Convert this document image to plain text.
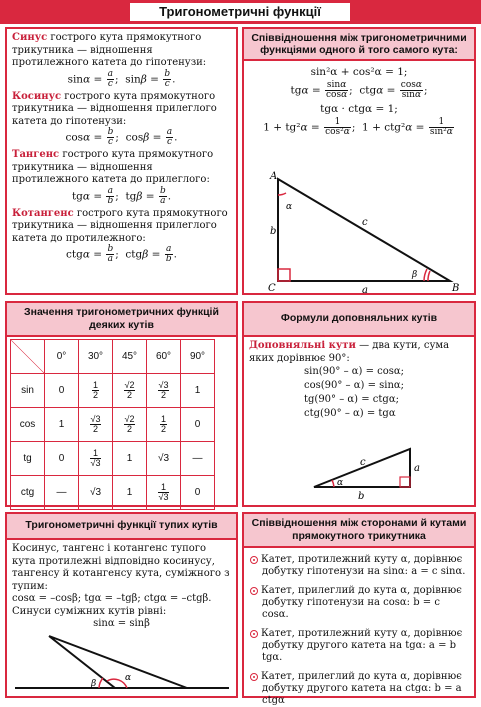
Тригонометричні функції
Синус гострого кута прямокутного трикутника — відношення протилежного катета до гіпотенузи:
$\sin\alpha = \frac{a}{c}$ ;  $\sin\beta = \frac{b}{c}$ .
Косинус гострого кута прямокутного трикутника — відношення прилеглого катета до гіпотенузи:
$\cos\alpha = \frac{b}{c}$ ;  $\cos\beta = \frac{a}{c}$ .
Тангенс гострого кута прямокутного трикутника — відношення протилежного катета до прилеглого:
$tg\alpha = \frac{a}{b}$ ;  $tg\beta = \frac{b}{a}$ .
Котангенс гострого кута прямокутного трикутника — відношення прилеглого катета до протилежного:
$ctg\alpha = \frac{b}{a}$ ;  $ctg\beta = \frac{a}{b}$ .
Співвідношення між тригонометричними функціями одного й того самого кута:
sin²α + cos²α = 1;
$tg\alpha = \frac{\sin\alpha}{\cos\alpha}$ ;  $ctg\alpha = \frac{\cos\alpha}{\sin\alpha}$ ;
tgα · ctgα = 1;
$1 + tg^2\alpha = \frac{1}{\text{cos²α}}$ ;  $1 + ctg^2\alpha = \frac{1}{\text{sin²α}}$
A
C	B
b
c
a
α
β
Значення тригонометричних функцій деяких кутів
	0°	30°	45°	60°	90°
sin	0	$\frac{1}{2}$	$\frac{√2}{2}$	$\frac{√3}{2}$	1
cos	1	$\frac{√3}{2}$	$\frac{√2}{2}$	$\frac{1}{2}$	0
tg	0	$\frac{1}{√3}$	1	√3	—
ctg	—	√3	1	$\frac{1}{√3}$	0
Формули доповняльних кутів
Доповняльні кути — два кути, сума яких дорівнює 90°:
sin(90° – α) = cosα;
cos(90° – α) = sinα;
tg(90° – α) = ctgα;
ctg(90° – α) = tgα
c
a
b
α
Тригонометричні функції тупих кутів
Косинус, тангенс і котангенс тупого кута протилежні відповідно косинусу, тангенсу й котангенсу кута, суміжного з тупим:
cosα = –cosβ; tgα = –tgβ; ctgα = –ctgβ.
Синуси суміжних кутів рівні:
sinα = sinβ
α
β
Співвідношення між сторонами й кутами прямокутного трикутника
Катет, протилежний куту α, дорівнює добутку гіпотенузи на sinα: a = c sinα.
Катет, прилеглий до кута α, дорівнює добутку гіпотенузи на cosα: b = c cosα.
Катет, протилежний куту α, дорівнює добутку другого катета на tgα: a = b tgα.
Катет, прилеглий до кута α, дорівнює добутку другого катета на ctgα: b = a ctgα
